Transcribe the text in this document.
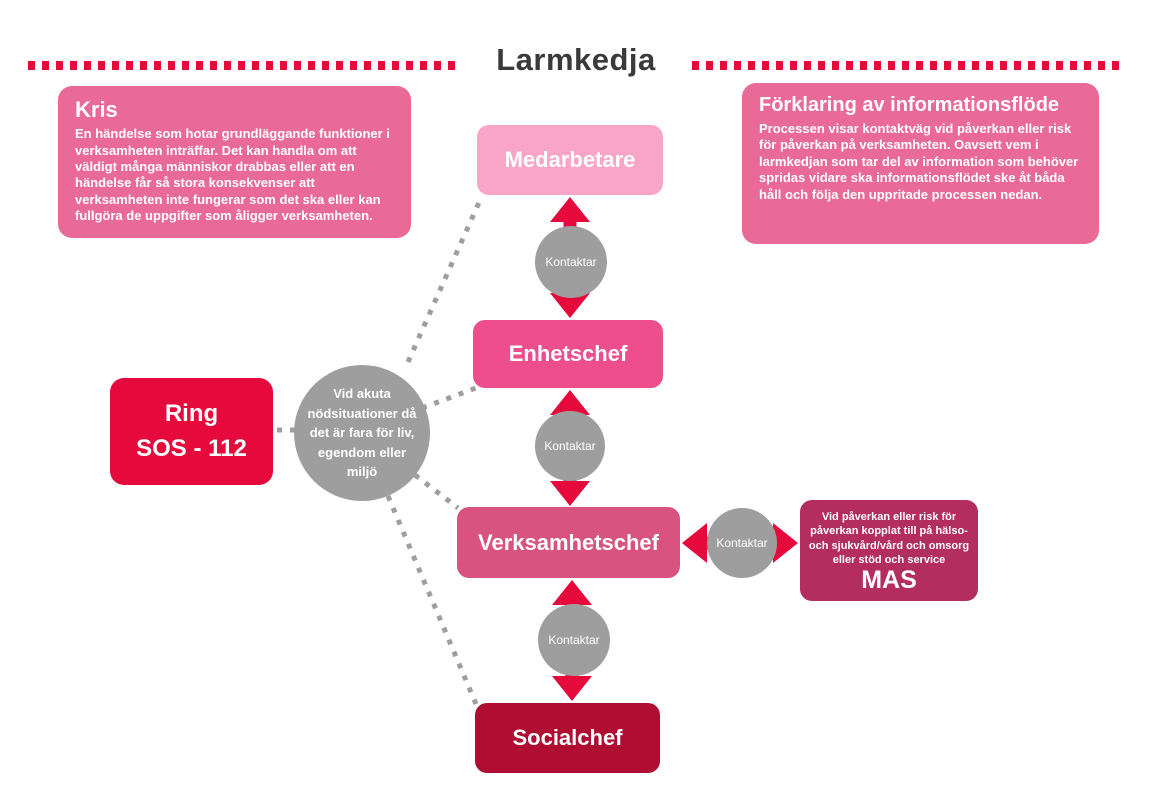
Larmkedja
Kris
En händelse som hotar grundläggande funktioner i verksamheten inträffar. Det kan handla om att väldigt många människor drabbas eller att en händelse får så stora konsekvenser att verksamheten inte fungerar som det ska eller kan fullgöra de uppgifter som åligger verksamheten.
Förklaring av informationsflöde
Processen visar kontaktväg vid påverkan eller risk för påverkan på verksamheten. Oavsett vem i larmkedjan som tar del av information som behöver spridas vidare ska informationsflödet ske åt båda håll och följa den uppritade processen nedan.
Medarbetare
Enhetschef
Verksamhetschef
Socialchef
Kontaktar
Kontaktar
Kontaktar
Kontaktar
Vid akuta nödsituationer då det är fara för liv, egendom eller miljö
Ring
SOS - 112
Vid påverkan eller risk för påverkan kopplat till på hälso- och sjukvård/vård och omsorg eller stöd och service
MAS
